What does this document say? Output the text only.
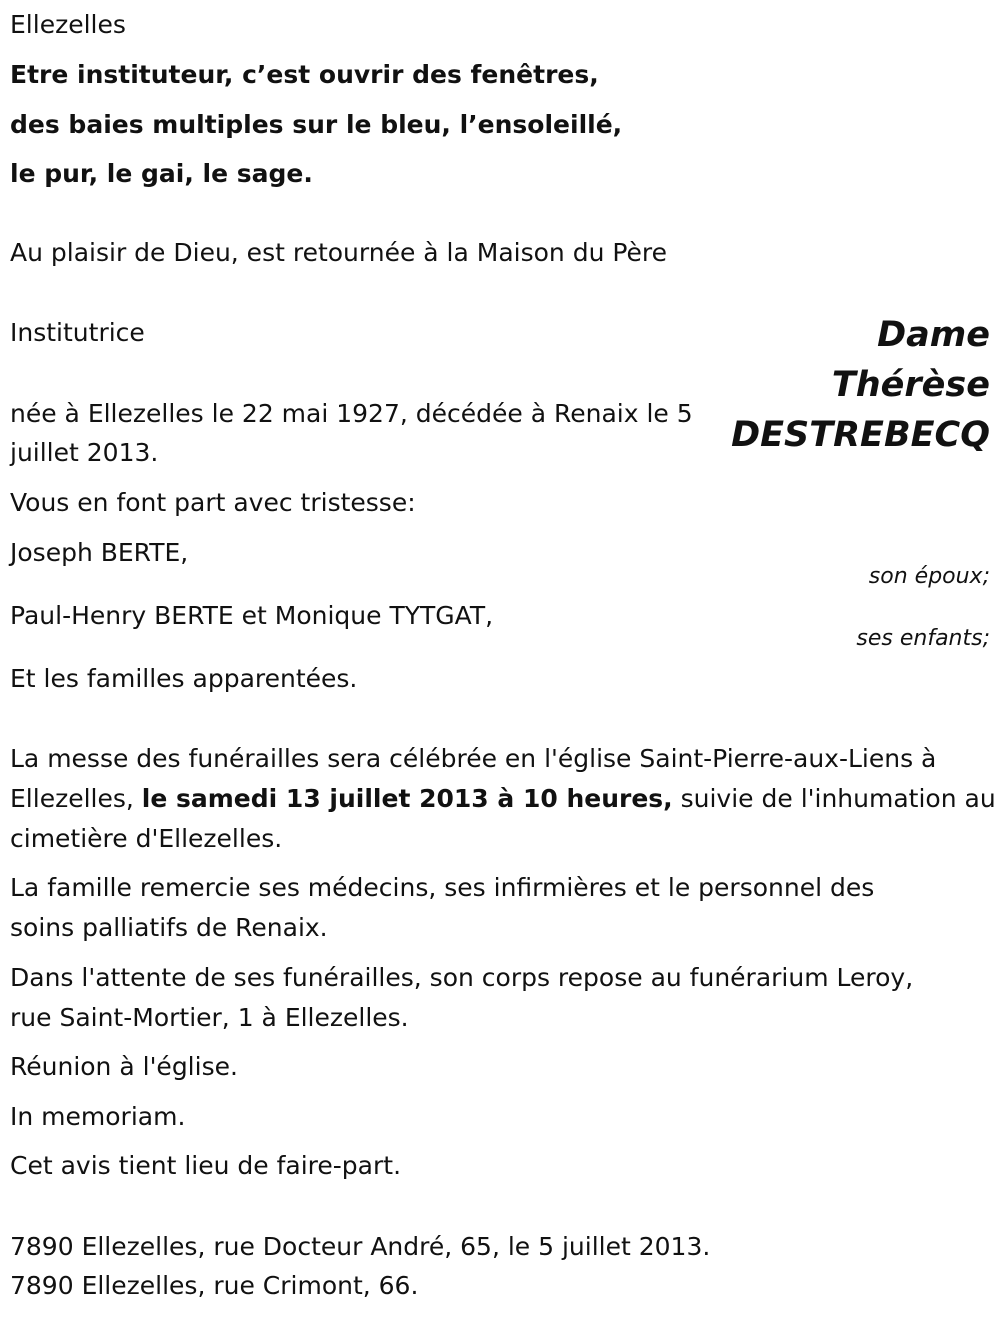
Ellezelles

Etre instituteur, c’est ouvrir des fenêtres,

des baies multiples sur le bleu, l’ensoleillé,

le pur, le gai, le sage.

Au plaisir de Dieu, est retournée à la Maison du Père

Institutrice	Dame
Thérèse
DESTREBECQ

née à Ellezelles le 22 mai 1927, décédée à Renaix le 5

juillet 2013.

Vous en font part avec tristesse:

Joseph BERTE,

son époux;

Paul-Henry BERTE et Monique TYTGAT,

ses enfants;

Et les familles apparentées.

La messe des funérailles sera célébrée en l'église Saint-Pierre-aux-Liens à

Ellezelles, le samedi 13 juillet 2013 à 10 heures, suivie de l'inhumation au

cimetière d'Ellezelles.

La famille remercie ses médecins, ses infirmières et le personnel des

soins palliatifs de Renaix.

Dans l'attente de ses funérailles, son corps repose au funérarium Leroy,

rue Saint-Mortier, 1 à Ellezelles.

Réunion à l'église.

In memoriam.

Cet avis tient lieu de faire-part.

7890 Ellezelles, rue Docteur André, 65, le 5 juillet 2013.

7890 Ellezelles, rue Crimont, 66.
